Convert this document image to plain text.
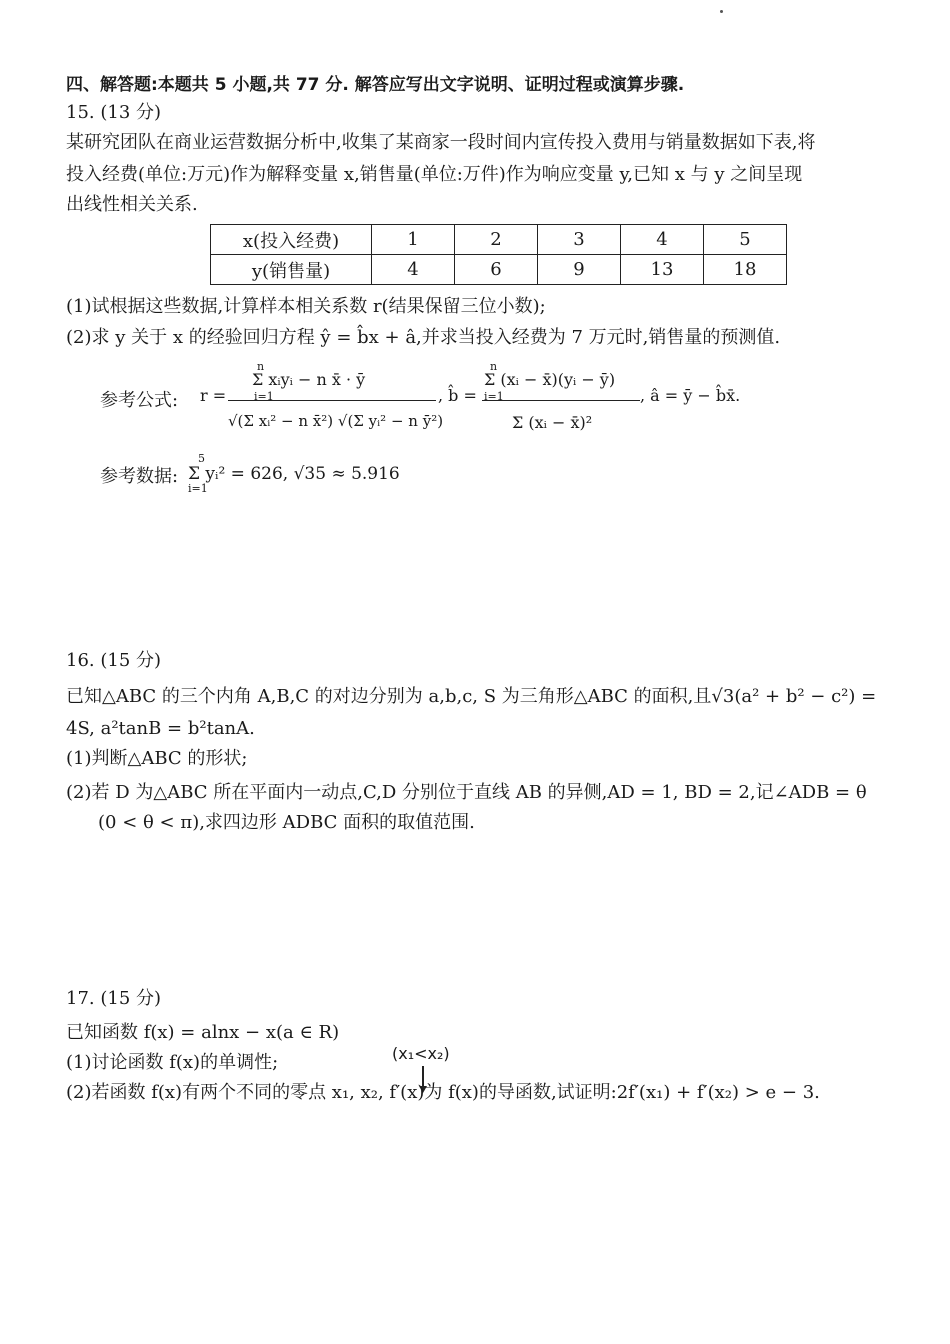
四、解答题:本题共 5 小题,共 77 分. 解答应写出文字说明、证明过程或演算步骤.
15. (13 分)
某研究团队在商业运营数据分析中,收集了某商家一段时间内宣传投入费用与销量数据如下表,将
投入经费(单位:万元)作为解释变量 x,销售量(单位:万件)作为响应变量 y,已知 x 与 y 之间呈现
出线性相关关系.
x(投入经费)	1	2	3	4	5
y(销售量)	4	6	9	13	18
(1)试根据这些数据,计算样本相关系数 r(结果保留三位小数);
(2)求 y 关于 x 的经验回归方程 ŷ = b̂x + â,并求当投入经费为 7 万元时,销售量的预测值.
参考公式: r =
n
Σ xᵢyᵢ − n x̄ · ȳ
i=1
√(Σ xᵢ² − n x̄²) √(Σ yᵢ² − n ȳ²)
, b̂ =
n
Σ (xᵢ − x̄)(yᵢ − ȳ)
i=1
Σ (xᵢ − x̄)²
, â = ȳ − b̂x̄.
参考数据:
5
Σ yᵢ² = 626, √35 ≈ 5.916
i=1
16. (15 分)
已知△ABC 的三个内角 A,B,C 的对边分别为 a,b,c, S 为三角形△ABC 的面积,且√3(a² + b² − c²) =
4S, a²tanB = b²tanA.
(1)判断△ABC 的形状;
(2)若 D 为△ABC 所在平面内一动点,C,D 分别位于直线 AB 的异侧,AD = 1, BD = 2,记∠ADB = θ
(0 < θ < π),求四边形 ADBC 面积的取值范围.
17. (15 分)
已知函数 f(x) = alnx − x(a ∈ R)
(1)讨论函数 f(x)的单调性;	(x₁<x₂)
(2)若函数 f(x)有两个不同的零点 x₁, x₂, f′(x)为 f(x)的导函数,试证明:2f′(x₁) + f′(x₂) > e − 3.
